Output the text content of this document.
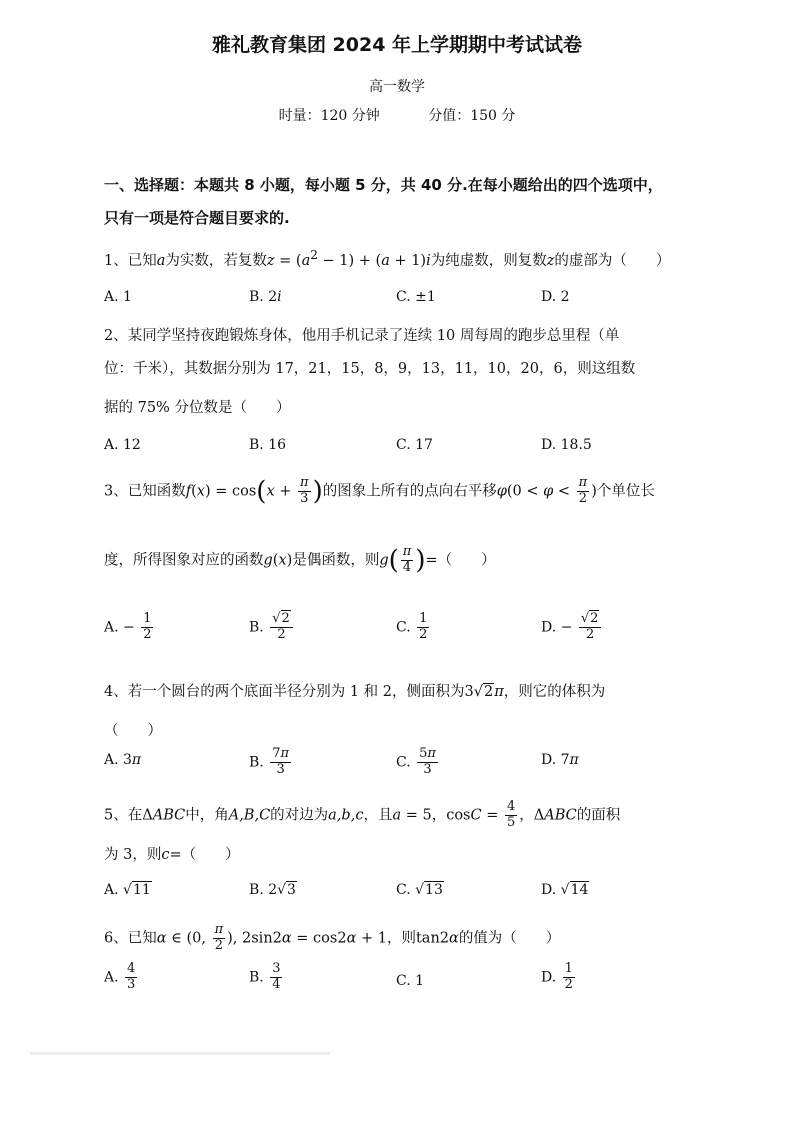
雅礼教育集团 2024 年上学期期中考试试卷
高一数学
时量：120 分钟	分值：150 分
一、选择题：本题共 8 小题，每小题 5 分，共 40 分.在每小题给出的四个选项中，
只有一项是符合题目要求的.
1、已知a为实数，若复数$z = (a^2 - 1) + (a + 1)i$为纯虚数，则复数z的虚部为（　　）
A. 1	B. 2i	C. ±1	D. 2
2、某同学坚持夜跑锻炼身体，他用手机记录了连续 10 周每周的跑步总里程（单
位：千米），其数据分别为 17，21，15，8，9，13，11，10，20，6，则这组数
据的 75% 分位数是（　　）
A. 12	B. 16	C. 17	D. 18.5
3、已知函数$f(x) = \cos(x + \frac{\pi}{3}$ )的图象上所有的点向右平移$\varphi(0 < \varphi < \frac{\pi}{2}$ )个单位长
度，所得图象对应的函数g(x)是偶函数，则$g( \frac{\pi}{4}$ )=（　　）
A. − $\frac{1}{2}$	B. $\frac{√2}{2}$	C. $\frac{1}{2}$	D. − $\frac{√2}{2}$
4、若一个圆台的两个底面半径分别为 1 和 2，侧面积为3√2π，则它的体积为
（　　）
A. 3π	B. $\frac{7\pi}{3}$	C. $\frac{5\pi}{3}$	D. 7π
5、在ΔABC中，角A,B,C的对边为a,b,c，且a = 5，$\cos C = \frac{4}{5}$ ，ΔABC的面积
为 3，则c=（　　）
A. √11	B. 2√3	C. √13	D. √14
6、已知α ∈ (0, $\frac{\pi}{2}$ ), 2sin2α = cos2α + 1，则tan2α的值为（　　）
A. $\frac{4}{3}$	B. $\frac{3}{4}$	C. 1	D. $\frac{1}{2}$
